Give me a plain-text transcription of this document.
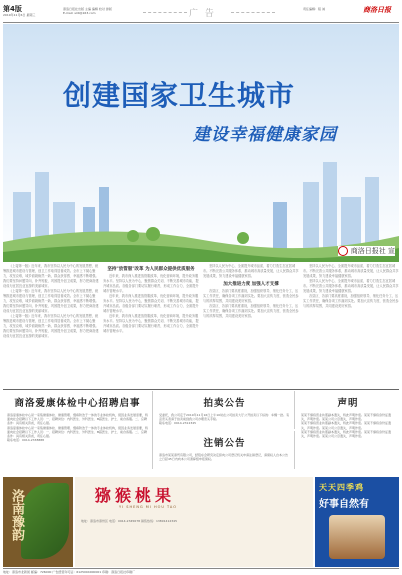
第4版
2019年11月6日 星期三
商洛日报社出版 主编 编辑 校对 排版
E-mail: sldl@163.com	广 告	责任编辑：程 诚	商洛日报
创建国家卫生城市
建设幸福健康家园
商洛日报社 宣

《上接第一版》近年来，我市坚持以人民为中心的发展思想，统筹推进城市建设与管理，创卫工作取得显著成效。全市上下凝心聚力，攻坚克难，城乡面貌焕然一新，群众获得感、幸福感不断增强。我们要坚持问题导向，补齐短板，巩固提升创卫成果，努力把商洛建设成为宜居宜业宜游的美丽城市。

《上接第一版》近年来，我市坚持以人民为中心的发展思想，统筹推进城市建设与管理，创卫工作取得显著成效。全市上下凝心聚力，攻坚克难，城乡面貌焕然一新，群众获得感、幸福感不断增强。我们要坚持问题导向，补齐短板，巩固提升创卫成果，努力把商洛建设成为宜居宜业宜游的美丽城市。

《上接第一版》近年来，我市坚持以人民为中心的发展思想，统筹推进城市建设与管理，创卫工作取得显著成效。全市上下凝心聚力，攻坚克难，城乡面貌焕然一新，群众获得感、幸福感不断增强。我们要坚持问题导向，补齐短板，巩固提升创卫成果，努力把商洛建设成为宜居宜业宜游的美丽城市。

坚持"放管服"改革 为人民群众提供优质服务

近年来，我市深入推进放管服改革，优化营商环境，提升政务服务水平。坚持以人民为中心，聚焦群众关切，不断完善城市功能，提升城市品质。各级各部门要切实履行职责，形成工作合力，全面提升城市管理水平。

近年来，我市深入推进放管服改革，优化营商环境，提升政务服务水平。坚持以人民为中心，聚焦群众关切，不断完善城市功能，提升城市品质。各级各部门要切实履行职责，形成工作合力，全面提升城市管理水平。

近年来，我市深入推进放管服改革，优化营商环境，提升政务服务水平。坚持以人民为中心，聚焦群众关切，不断完善城市功能，提升城市品质。各级各部门要切实履行职责，形成工作合力，全面提升城市管理水平。

坚持以人民为中心，全面提升城市品质，着力打造生态宜居城市。不断完善公共服务体系，推动城市高质量发展，让人民群众共享发展成果，努力建设幸福健康家园。

加大推进力度 加强人才支撑

各县区、各部门要高度重视，加强组织领导，细化任务分工，压实工作责任，确保各项工作落到实处。要加大宣传力度，营造全民参与的浓厚氛围，共同建设美好家园。

各县区、各部门要高度重视，加强组织领导，细化任务分工，压实工作责任，确保各项工作落到实处。要加大宣传力度，营造全民参与的浓厚氛围，共同建设美好家园。

坚持以人民为中心，全面提升城市品质，着力打造生态宜居城市。不断完善公共服务体系，推动城市高质量发展，让人民群众共享发展成果，努力建设幸福健康家园。

坚持以人民为中心，全面提升城市品质，着力打造生态宜居城市。不断完善公共服务体系，推动城市高质量发展，让人民群众共享发展成果，努力建设幸福健康家园。

各县区、各部门要高度重视，加强组织领导，细化任务分工，压实工作责任，确保各项工作落到实处。要加大宣传力度，营造全民参与的浓厚氛围，共同建设美好家园。

商洛爱康体检中心招聘启事

商洛爱康体检中心是一家集健康体检、健康管理、慢病防治于一体的专业体检机构，现因业务发展需要，特面向社会招聘以下工作人员：一、招聘岗位：内科医生、外科医生、B超医生、护士、前台客服。二、应聘条件：具有相关资质，责任心强。

商洛爱康体检中心是一家集健康体检、健康管理、慢病防治于一体的专业体检机构，现因业务发展需要，特面向社会招聘以下工作人员：一、招聘岗位：内科医生、外科医生、B超医生、护士、前台客服。二、应聘条件：具有相关资质，责任心强。

联系电话：0914-2338888

拍卖公告

受委托，我公司定于2019年11月16日上午10时在公司拍卖大厅公开拍卖以下标的：车辆一批。有意竞买者请于拍卖前到我公司办理竞买手续。

联系电话：0914-2312345

注销公告

商洛市某某商贸有限公司，经股东会研究决定拟向公司登记机关申请注销登记，请债权人自本公告之日起45日内向本公司清算组申报债权。

声明

某某不慎将营业执照副本遗失，特此声明作废。某某不慎将身份证遗失，声明作废。某某公司公章遗失，声明作废。

某某不慎将营业执照副本遗失，特此声明作废。某某不慎将身份证遗失，声明作废。某某公司公章遗失，声明作废。

某某不慎将营业执照副本遗失，特此声明作废。某某不慎将身份证遗失，声明作废。某某公司公章遗失，声明作废。

洛南豫韵	猕猴桃果
YI SHENG MI HOU TAO
地址：商洛市商州区 电话：0914-2345678 销售热线：13891412345
天天四季鸡
好事自然有
地址：商洛市北新街 邮编：726000 广告经营许可证：6125004000001 印刷：商洛日报社印刷厂
